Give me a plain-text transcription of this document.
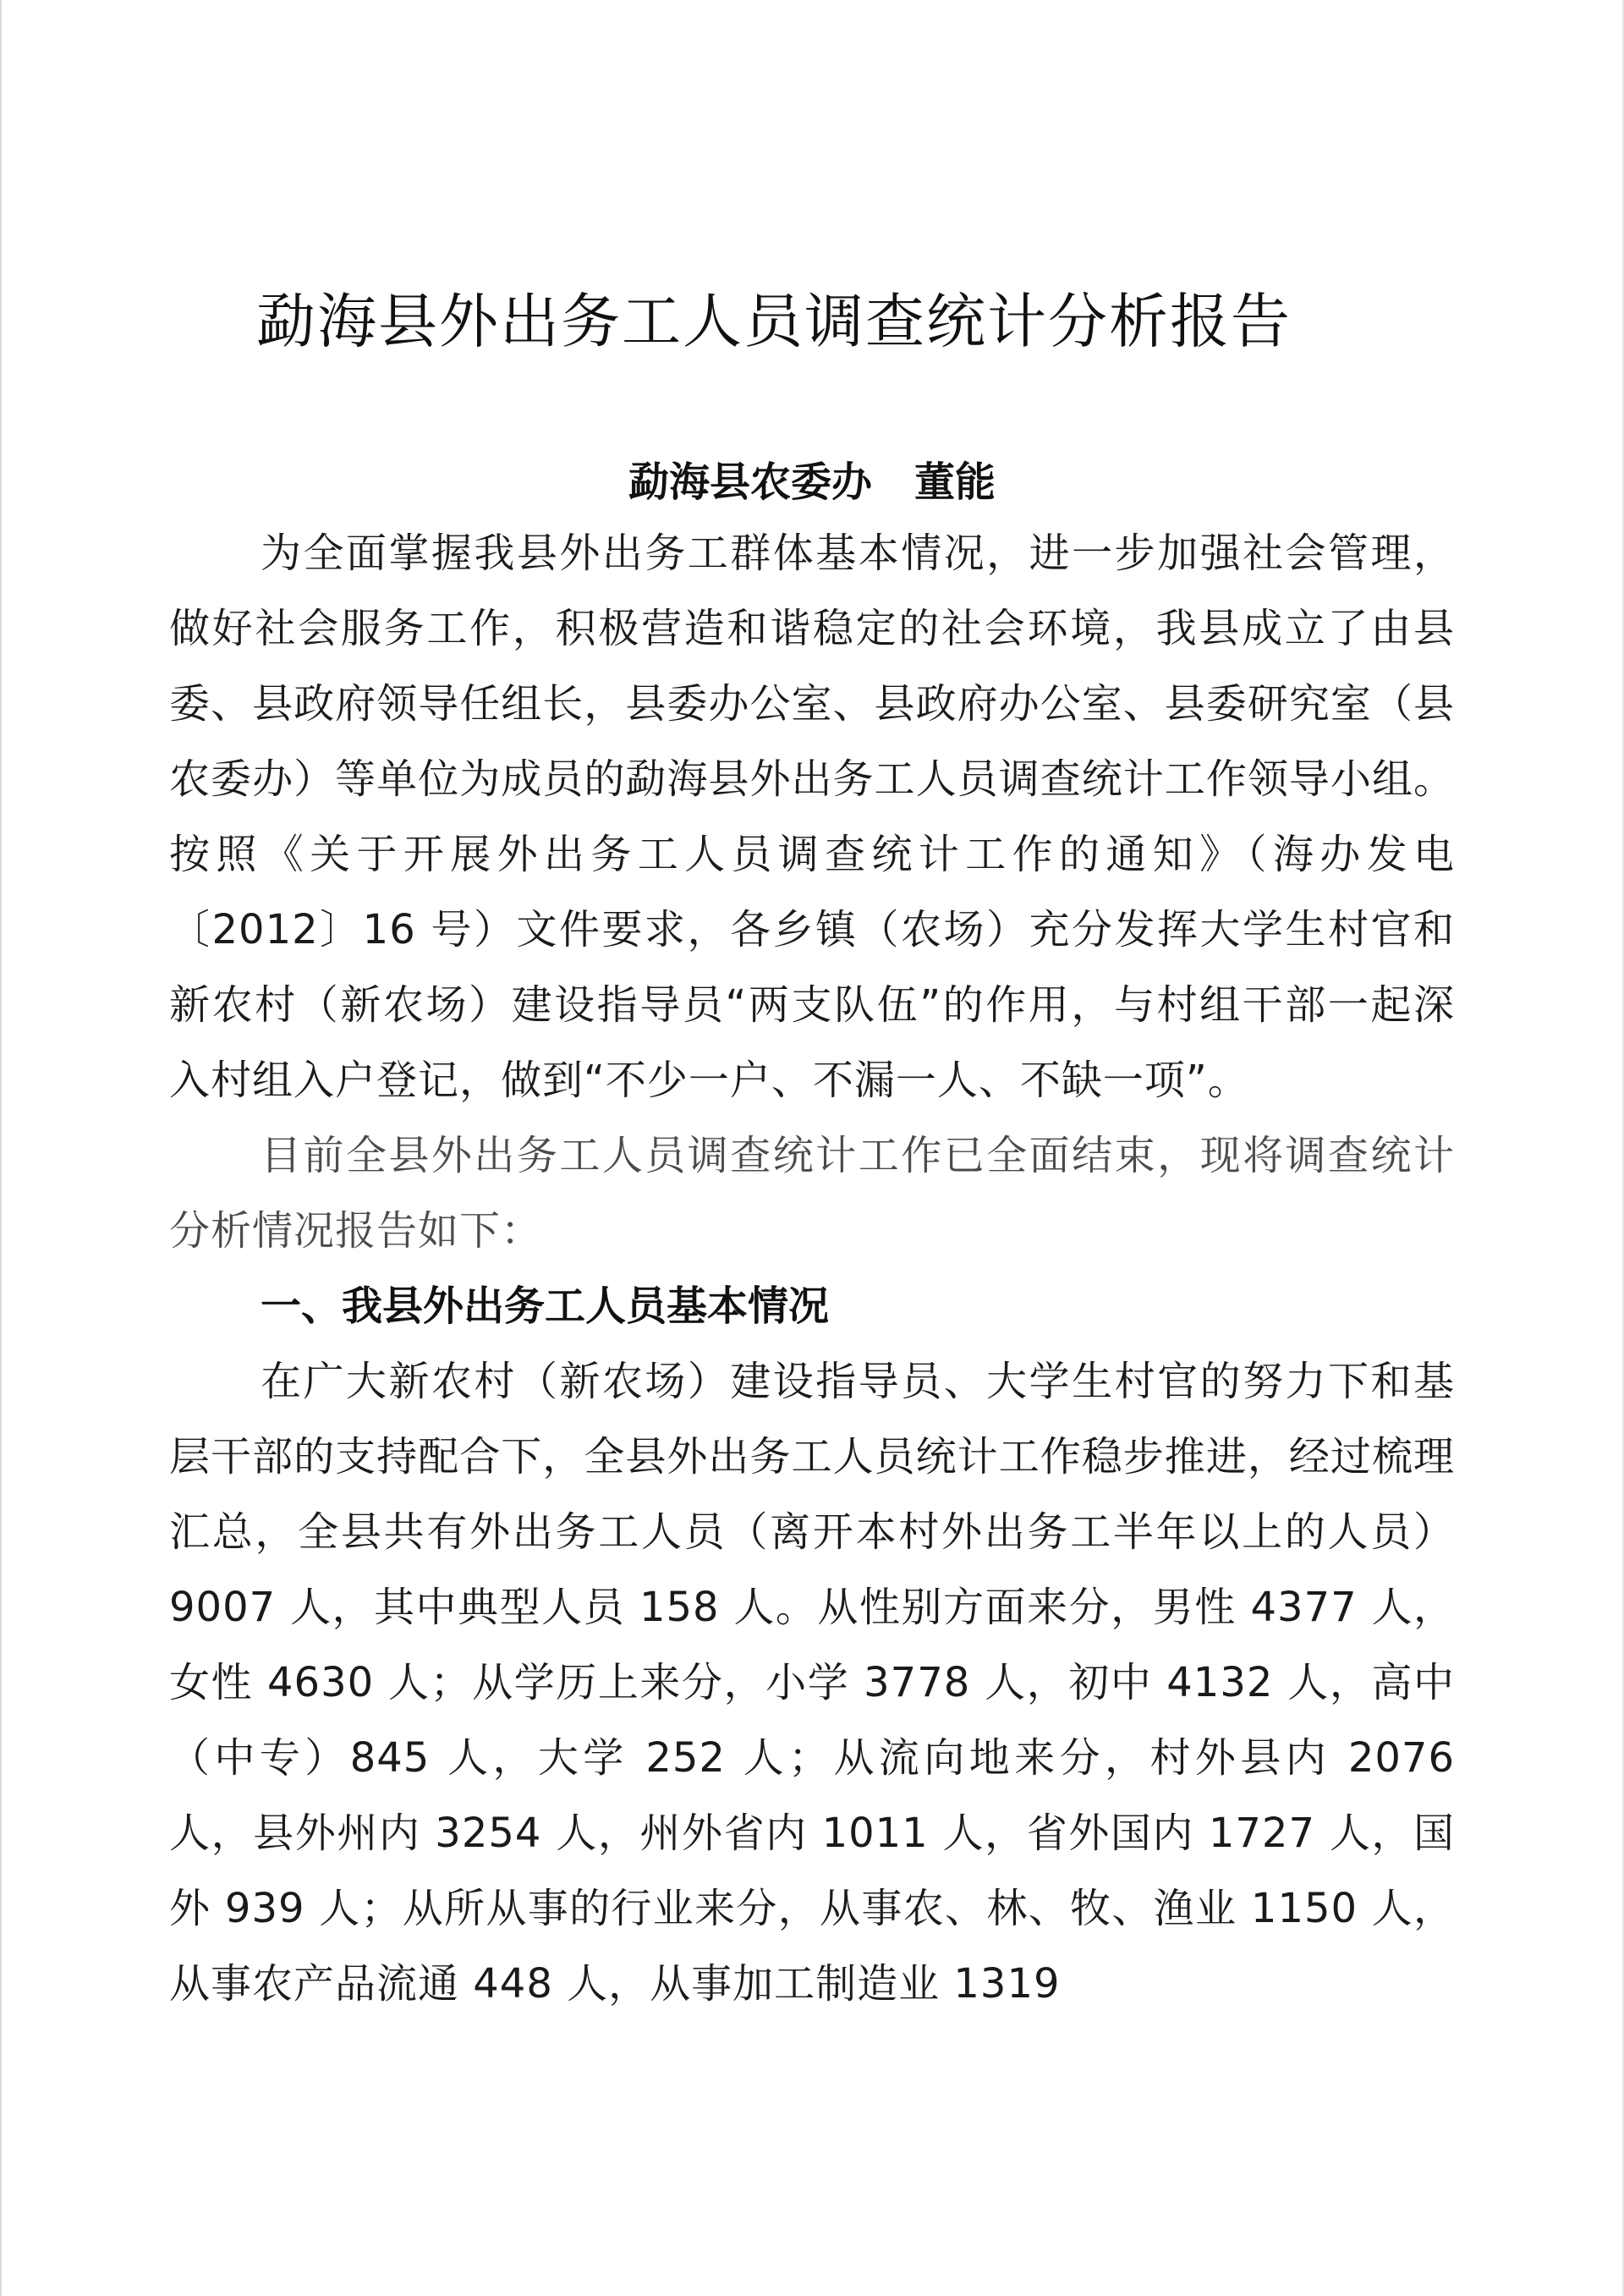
勐海县外出务工人员调查统计分析报告

勐海县农委办 董能

为全面掌握我县外出务工群体基本情况，进一步加强社会管理，做好社会服务工作，积极营造和谐稳定的社会环境，我县成立了由县委、县政府领导任组长，县委办公室、县政府办公室、县委研究室（县农委办）等单位为成员的勐海县外出务工人员调查统计工作领导小组。按照《关于开展外出务工人员调查统计工作的通知》（海办发电〔2012〕16 号）文件要求，各乡镇（农场）充分发挥大学生村官和新农村（新农场）建设指导员“两支队伍”的作用，与村组干部一起深入村组入户登记，做到“不少一户、不漏一人、不缺一项”。

目前全县外出务工人员调查统计工作已全面结束，现将调查统计分析情况报告如下：

一、我县外出务工人员基本情况

在广大新农村（新农场）建设指导员、大学生村官的努力下和基层干部的支持配合下，全县外出务工人员统计工作稳步推进，经过梳理汇总，全县共有外出务工人员（离开本村外出务工半年以上的人员）9007 人，其中典型人员 158 人。从性别方面来分，男性 4377 人，女性 4630 人；从学历上来分，小学 3778 人，初中 4132 人，高中（中专）845 人，大学 252 人；从流向地来分，村外县内 2076 人，县外州内 3254 人，州外省内 1011 人，省外国内 1727 人，国外 939 人；从所从事的行业来分，从事农、林、牧、渔业 1150 人，从事农产品流通 448 人，从事加工制造业 1319
